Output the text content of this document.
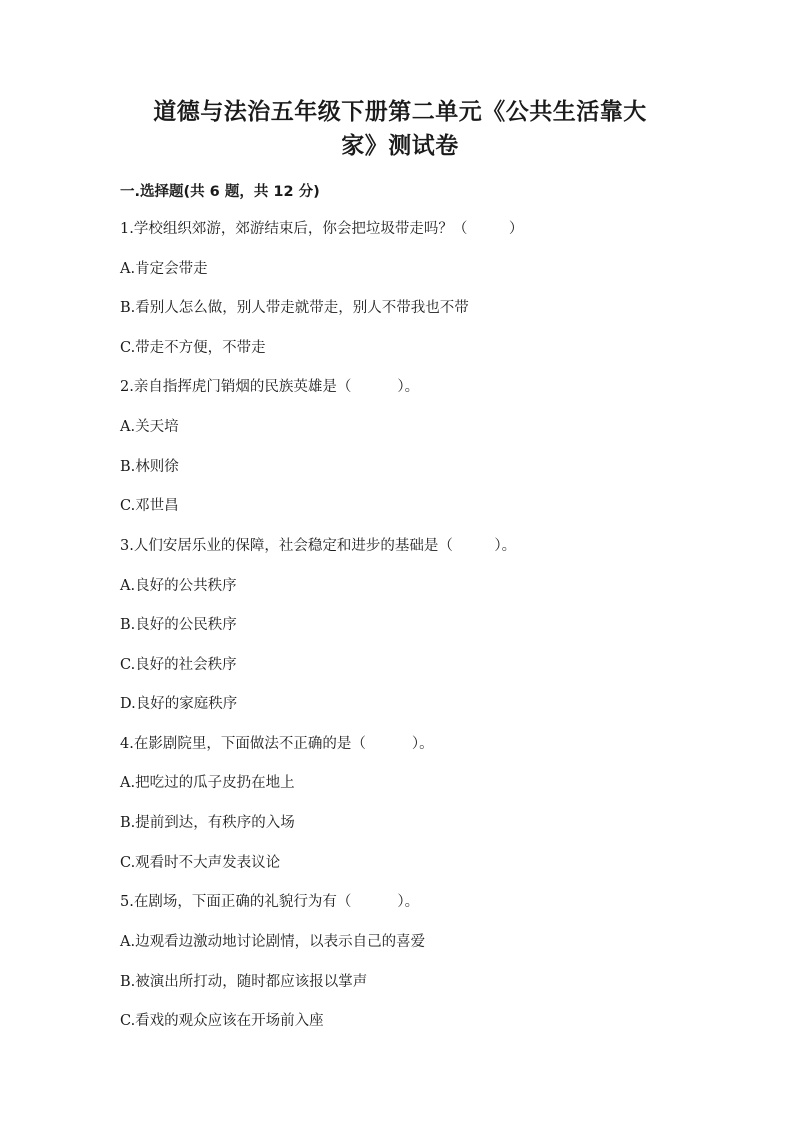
道德与法治五年级下册第二单元《公共生活靠大
家》测试卷
一.选择题(共 6 题，共 12 分)
1.学校组织郊游，郊游结束后，你会把垃圾带走吗？（         ）
A.肯定会带走
B.看别人怎么做，别人带走就带走，别人不带我也不带
C.带走不方便，不带走
2.亲自指挥虎门销烟的民族英雄是（          ）。
A.关天培
B.林则徐
C.邓世昌
3.人们安居乐业的保障，社会稳定和进步的基础是（         ）。
A.良好的公共秩序
B.良好的公民秩序
C.良好的社会秩序
D.良好的家庭秩序
4.在影剧院里，下面做法不正确的是（          ）。
A.把吃过的瓜子皮扔在地上
B.提前到达，有秩序的入场
C.观看时不大声发表议论
5.在剧场，下面正确的礼貌行为有（          ）。
A.边观看边激动地讨论剧情，以表示自己的喜爱
B.被演出所打动，随时都应该报以掌声
C.看戏的观众应该在开场前入座
